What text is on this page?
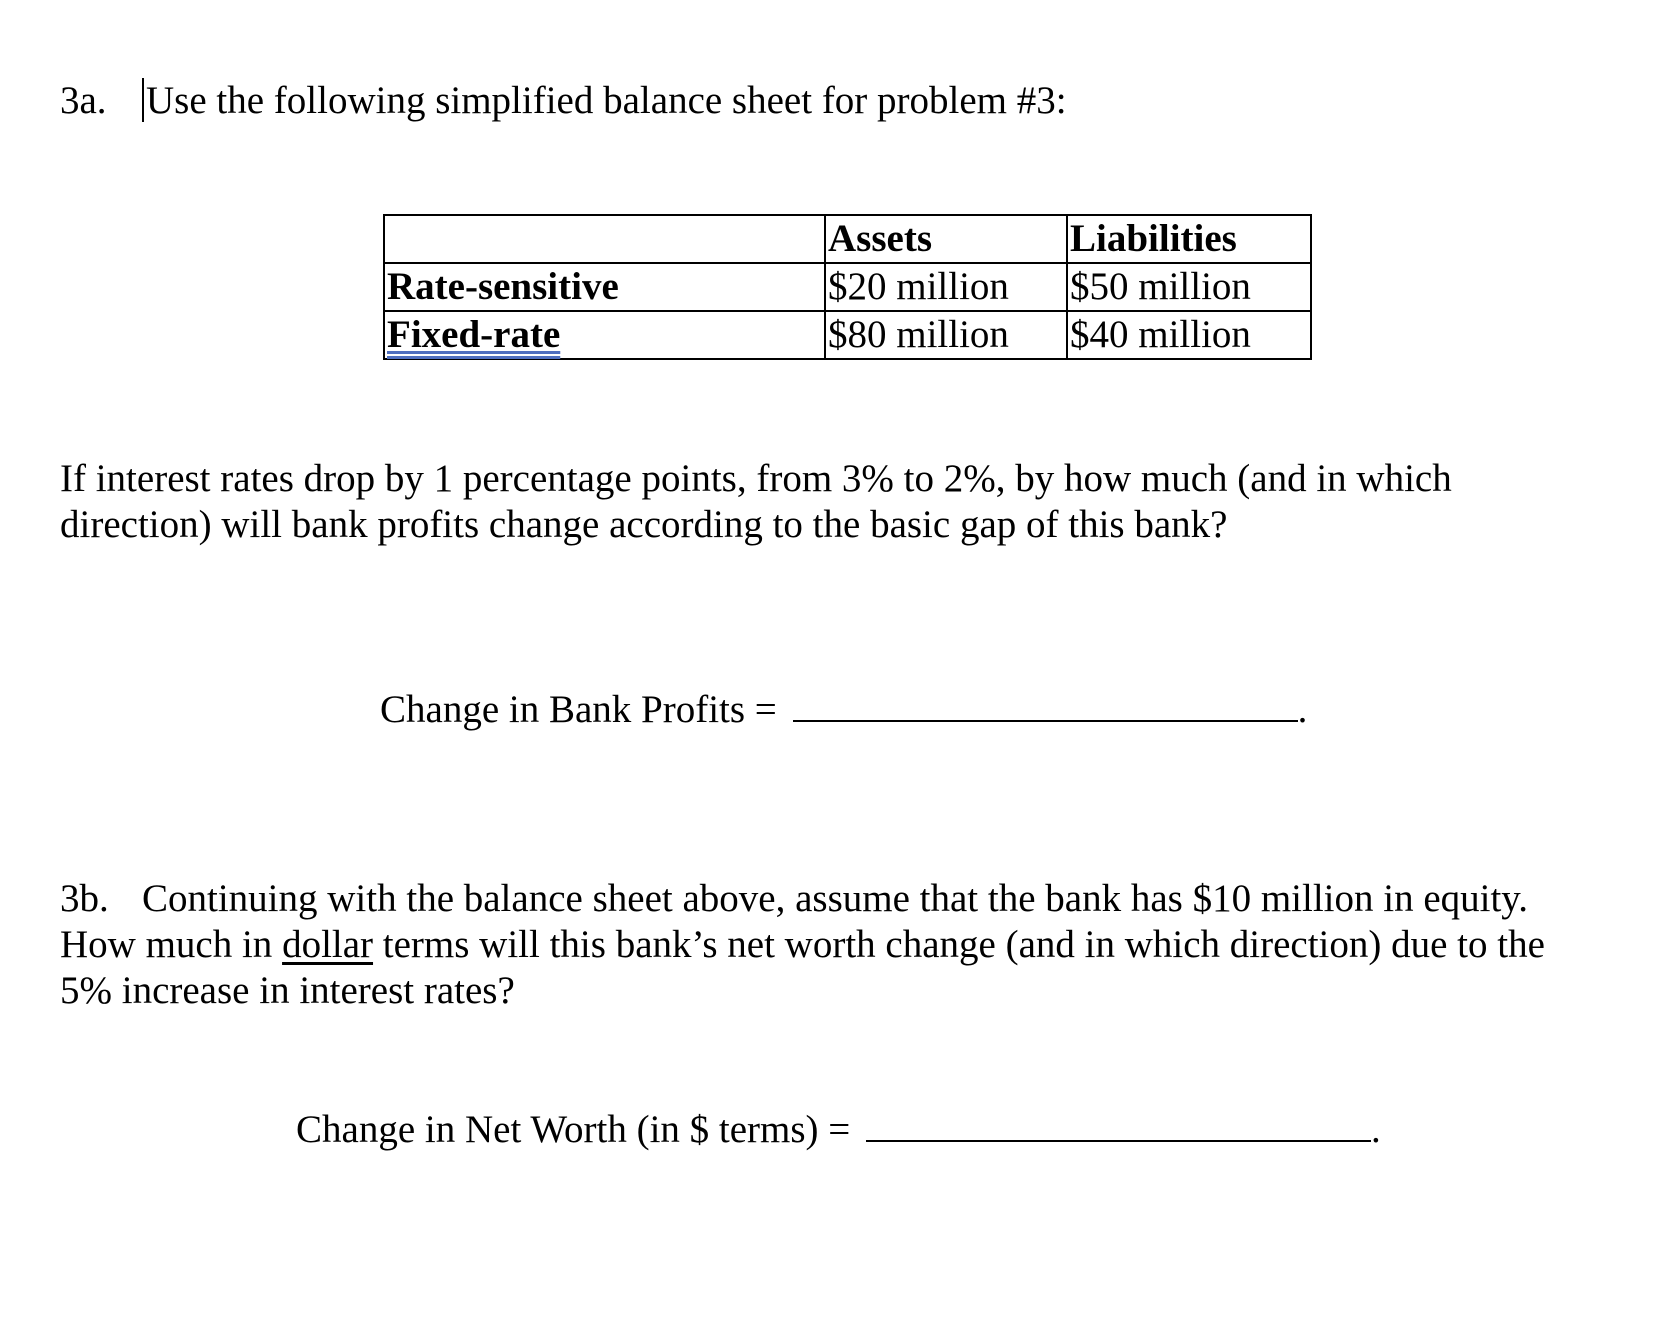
3a. Use the following simplified balance sheet for problem #3:
	Assets	Liabilities
Rate-sensitive	$20 million	$50 million
Fixed-rate	$80 million	$40 million
If interest rates drop by 1 percentage points, from 3% to 2%, by how much (and in which
direction) will bank profits change according to the basic gap of this bank?
Change in Bank Profits =	.
3b. Continuing with the balance sheet above, assume that the bank has $10 million in equity.
How much in dollar terms will this bank’s net worth change (and in which direction) due to the
5% increase in interest rates?
Change in Net Worth (in $ terms) =	.
